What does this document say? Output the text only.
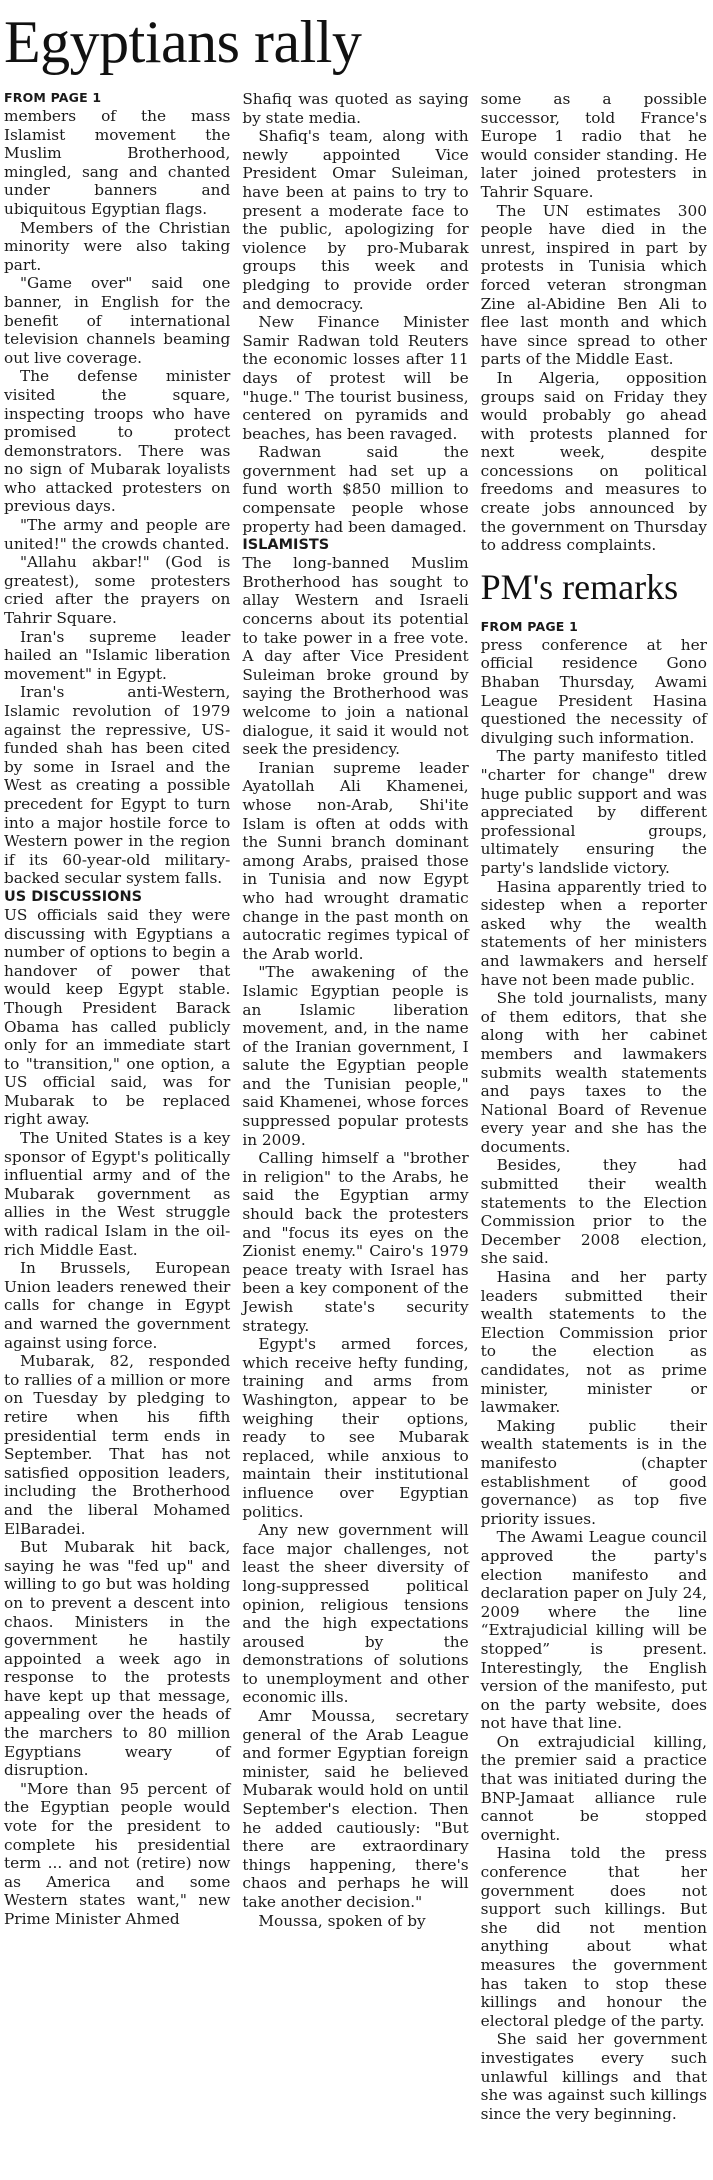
Egyptians rally
FROM PAGE 1

members of the mass Islamist movement the Muslim Brotherhood, mingled, sang and chanted under banners and ubiquitous Egyptian flags.

Members of the Christian minority were also taking part.

"Game over" said one banner, in English for the benefit of international television channels beaming out live coverage.

The defense minister visited the square, inspecting troops who have promised to protect demonstrators. There was no sign of Mubarak loyalists who attacked protesters on previous days.

"The army and people are united!" the crowds chanted.

"Allahu akbar!" (God is greatest), some protesters cried after the prayers on Tahrir Square.

Iran's supreme leader hailed an "Islamic liberation movement" in Egypt.

Iran's anti-Western, Islamic revolution of 1979 against the repressive, US-funded shah has been cited by some in Israel and the West as creating a possible precedent for Egypt to turn into a major hostile force to Western power in the region if its 60-year-old military-backed secular system falls.

US DISCUSSIONS

US officials said they were discussing with Egyptians a number of options to begin a handover of power that would keep Egypt stable. Though President Barack Obama has called publicly only for an immediate start to "transition," one option, a US official said, was for Mubarak to be replaced right away.

The United States is a key sponsor of Egypt's politically influential army and of the Mubarak government as allies in the West struggle with radical Islam in the oil-rich Middle East.

In Brussels, European Union leaders renewed their calls for change in Egypt and warned the government against using force.

Mubarak, 82, responded to rallies of a million or more on Tuesday by pledging to retire when his fifth presidential term ends in September. That has not satisfied opposition leaders, including the Brotherhood and the liberal Mohamed ElBaradei.

But Mubarak hit back, saying he was "fed up" and willing to go but was holding on to prevent a descent into chaos. Ministers in the government he hastily appointed a week ago in response to the protests have kept up that message, appealing over the heads of the marchers to 80 million Egyptians weary of disruption.

"More than 95 percent of the Egyptian people would vote for the president to complete his presidential term ... and not (retire) now as America and some Western states want," new Prime Minister Ahmed

Shafiq was quoted as saying by state media.

Shafiq's team, along with newly appointed Vice President Omar Suleiman, have been at pains to try to present a moderate face to the public, apologizing for violence by pro-Mubarak groups this week and pledging to provide order and democracy.

New Finance Minister Samir Radwan told Reuters the economic losses after 11 days of protest will be "huge." The tourist business, centered on pyramids and beaches, has been ravaged.

Radwan said the government had set up a fund worth $850 million to compensate people whose property had been damaged.

ISLAMISTS

The long-banned Muslim Brotherhood has sought to allay Western and Israeli concerns about its potential to take power in a free vote. A day after Vice President Suleiman broke ground by saying the Brotherhood was welcome to join a national dialogue, it said it would not seek the presidency.

Iranian supreme leader Ayatollah Ali Khamenei, whose non-Arab, Shi'ite Islam is often at odds with the Sunni branch dominant among Arabs, praised those in Tunisia and now Egypt who had wrought dramatic change in the past month on autocratic regimes typical of the Arab world.

"The awakening of the Islamic Egyptian people is an Islamic liberation movement, and, in the name of the Iranian government, I salute the Egyptian people and the Tunisian people," said Khamenei, whose forces suppressed popular protests in 2009.

Calling himself a "brother in religion" to the Arabs, he said the Egyptian army should back the protesters and "focus its eyes on the Zionist enemy." Cairo's 1979 peace treaty with Israel has been a key component of the Jewish state's security strategy.

Egypt's armed forces, which receive hefty funding, training and arms from Washington, appear to be weighing their options, ready to see Mubarak replaced, while anxious to maintain their institutional influence over Egyptian politics.

Any new government will face major challenges, not least the sheer diversity of long-suppressed political opinion, religious tensions and the high expectations aroused by the demonstrations of solutions to unemployment and other economic ills.

Amr Moussa, secretary general of the Arab League and former Egyptian foreign minister, said he believed Mubarak would hold on until September's election. Then he added cautiously: "But there are extraordinary things happening, there's chaos and perhaps he will take another decision."

Moussa, spoken of by

some as a possible successor, told France's Europe 1 radio that he would consider standing. He later joined protesters in Tahrir Square.

The UN estimates 300 people have died in the unrest, inspired in part by protests in Tunisia which forced veteran strongman Zine al-Abidine Ben Ali to flee last month and which have since spread to other parts of the Middle East.

In Algeria, opposition groups said on Friday they would probably go ahead with protests planned for next week, despite concessions on political freedoms and measures to create jobs announced by the government on Thursday to address complaints.

PM's remarks
FROM PAGE 1

press conference at her official residence Gono Bhaban Thursday, Awami League President Hasina questioned the necessity of divulging such information.

The party manifesto titled "charter for change" drew huge public support and was appreciated by different professional groups, ultimately ensuring the party's landslide victory.

Hasina apparently tried to sidestep when a reporter asked why the wealth statements of her ministers and lawmakers and herself have not been made public.

She told journalists, many of them editors, that she along with her cabinet members and lawmakers submits wealth statements and pays taxes to the National Board of Revenue every year and she has the documents.

Besides, they had submitted their wealth statements to the Election Commission prior to the December 2008 election, she said.

Hasina and her party leaders submitted their wealth statements to the Election Commission prior to the election as candidates, not as prime minister, minister or lawmaker.

Making public their wealth statements is in the manifesto (chapter establishment of good governance) as top five priority issues.

The Awami League council approved the party's election manifesto and declaration paper on July 24, 2009 where the line “Extrajudicial killing will be stopped” is present. Interestingly, the English version of the manifesto, put on the party website, does not have that line.

On extrajudicial killing, the premier said a practice that was initiated during the BNP-Jamaat alliance rule cannot be stopped overnight.

Hasina told the press conference that her government does not support such killings. But she did not mention anything about what measures the government has taken to stop these killings and honour the electoral pledge of the party.

She said her government investigates every such unlawful killings and that she was against such killings since the very beginning.
